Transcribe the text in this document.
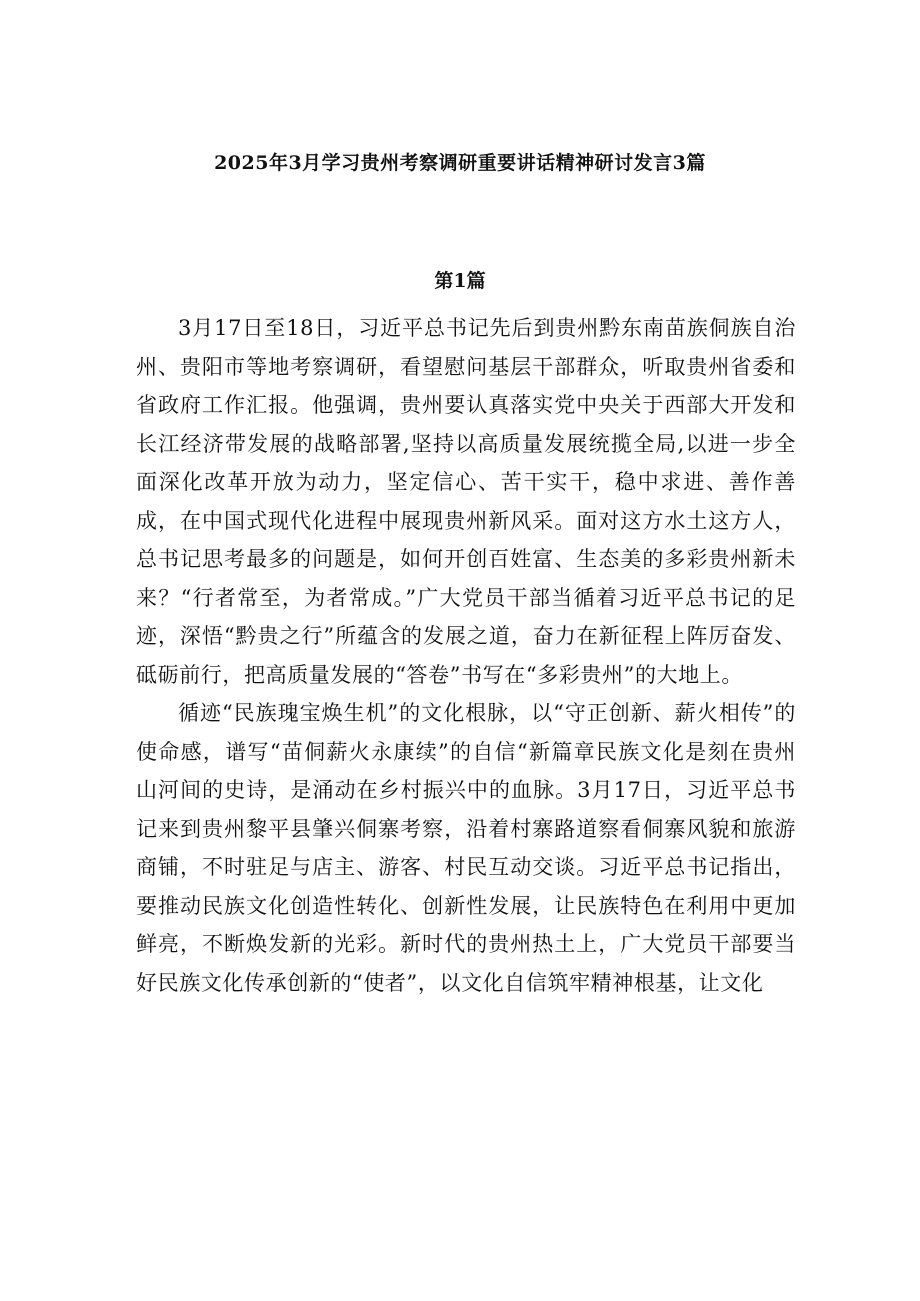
2025年3月学习贵州考察调研重要讲话精神研讨发言3篇
第1篇

3月17日至18日，习近平总书记先后到贵州黔东南苗族侗族自治州、贵阳市等地考察调研，看望慰问基层干部群众，听取贵州省委和省政府工作汇报。他强调，贵州要认真落实党中央关于西部大开发和长江经济带发展的战略部署,坚持以高质量发展统揽全局,以进一步全面深化改革开放为动力，坚定信心、苦干实干，稳中求进、善作善成，在中国式现代化进程中展现贵州新风采。面对这方水土这方人，总书记思考最多的问题是，如何开创百姓富、生态美的多彩贵州新未来？“行者常至，为者常成。”广大党员干部当循着习近平总书记的足迹，深悟“黔贵之行”所蕴含的发展之道，奋力在新征程上阵厉奋发、砥砺前行，把高质量发展的“答卷”书写在“多彩贵州”的大地上。

循迹“民族瑰宝焕生机”的文化根脉，以“守正创新、薪火相传”的使命感，谱写“苗侗薪火永康续”的自信“新篇章民族文化是刻在贵州山河间的史诗，是涌动在乡村振兴中的血脉。3月17日，习近平总书记来到贵州黎平县肇兴侗寨考察，沿着村寨路道察看侗寨风貌和旅游商铺，不时驻足与店主、游客、村民互动交谈。习近平总书记指出，要推动民族文化创造性转化、创新性发展，让民族特色在利用中更加鲜亮，不断焕发新的光彩。新时代的贵州热土上，广大党员干部要当好民族文化传承创新的“使者”，以文化自信筑牢精神根基，让文化
